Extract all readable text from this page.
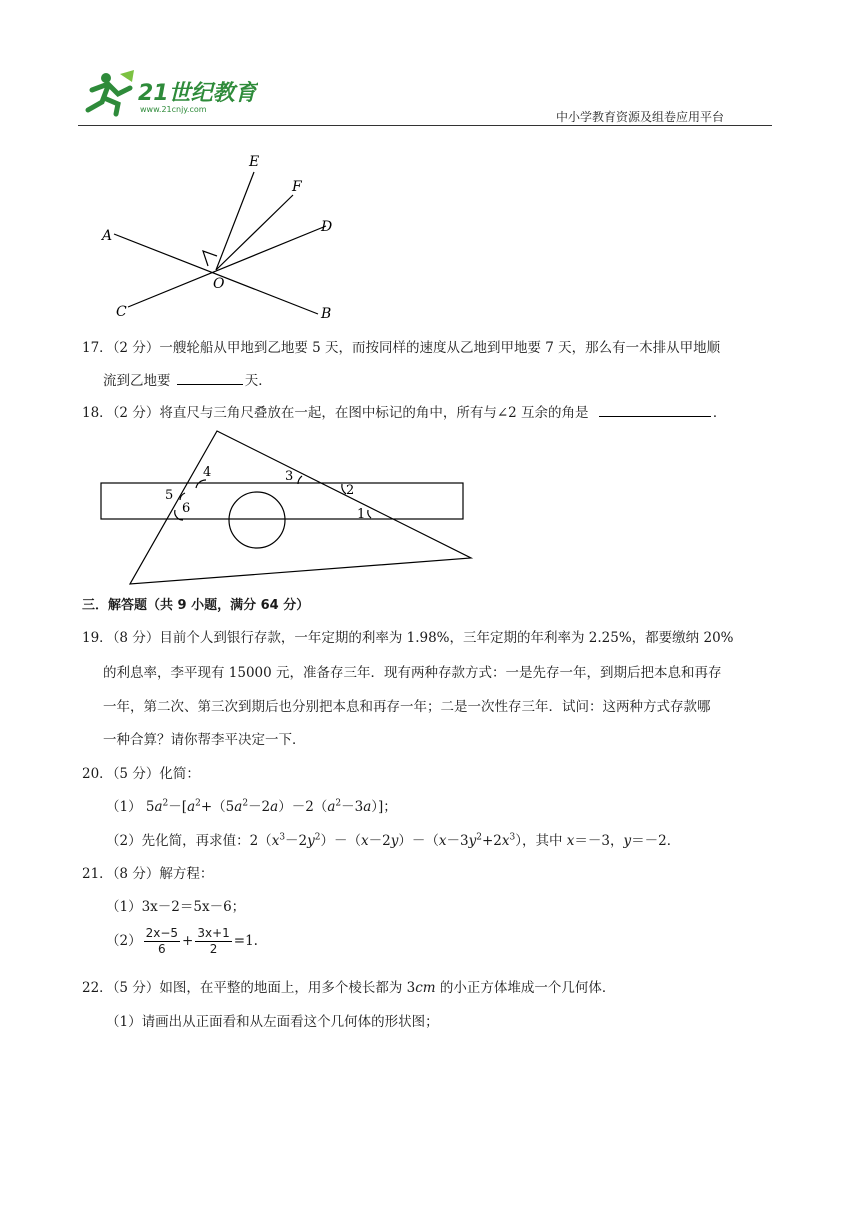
21世纪教育
www.21cnjy.com
中小学教育资源及组卷应用平台
E
F
D
A
O
C	B
17．（2 分）一艘轮船从甲地到乙地要 5 天，而按同样的速度从乙地到甲地要 7 天，那么有一木排从甲地顺
流到乙地要	天．
18．（2 分）将直尺与三角尺叠放在一起，在图中标记的角中，所有与∠2 互余的角是	．
4
5
6
3
2
1
三．解答题（共 9 小题，满分 64 分）
19．（8 分）目前个人到银行存款，一年定期的利率为 1.98%，三年定期的年利率为 2.25%，都要缴纳 20%
的利息率，李平现有 15000 元，准备存三年．现有两种存款方式：一是先存一年，到期后把本息和再存
一年，第二次、第三次到期后也分别把本息和再存一年；二是一次性存三年．试问：这两种方式存款哪
一种合算？请你帮李平决定一下．
20．（5 分）化简：
（1） $5a^2-[a^2+(5a^2-2a)-2(a^2-3a)]$；
（2）先化简，再求值：$2(x^3-2y^2)-(x-2y)-(x-3y^2+2x^3)$，其中 x＝－3，y＝－2．
21．（8 分）解方程：
（1）3x－2＝5x－6；
$(2) \frac{2x-5}{6} + \frac{3x+1}{2} =1$.
22．（5 分）如图，在平整的地面上，用多个棱长都为 3cm 的小正方体堆成一个几何体．
（1）请画出从正面看和从左面看这个几何体的形状图；
